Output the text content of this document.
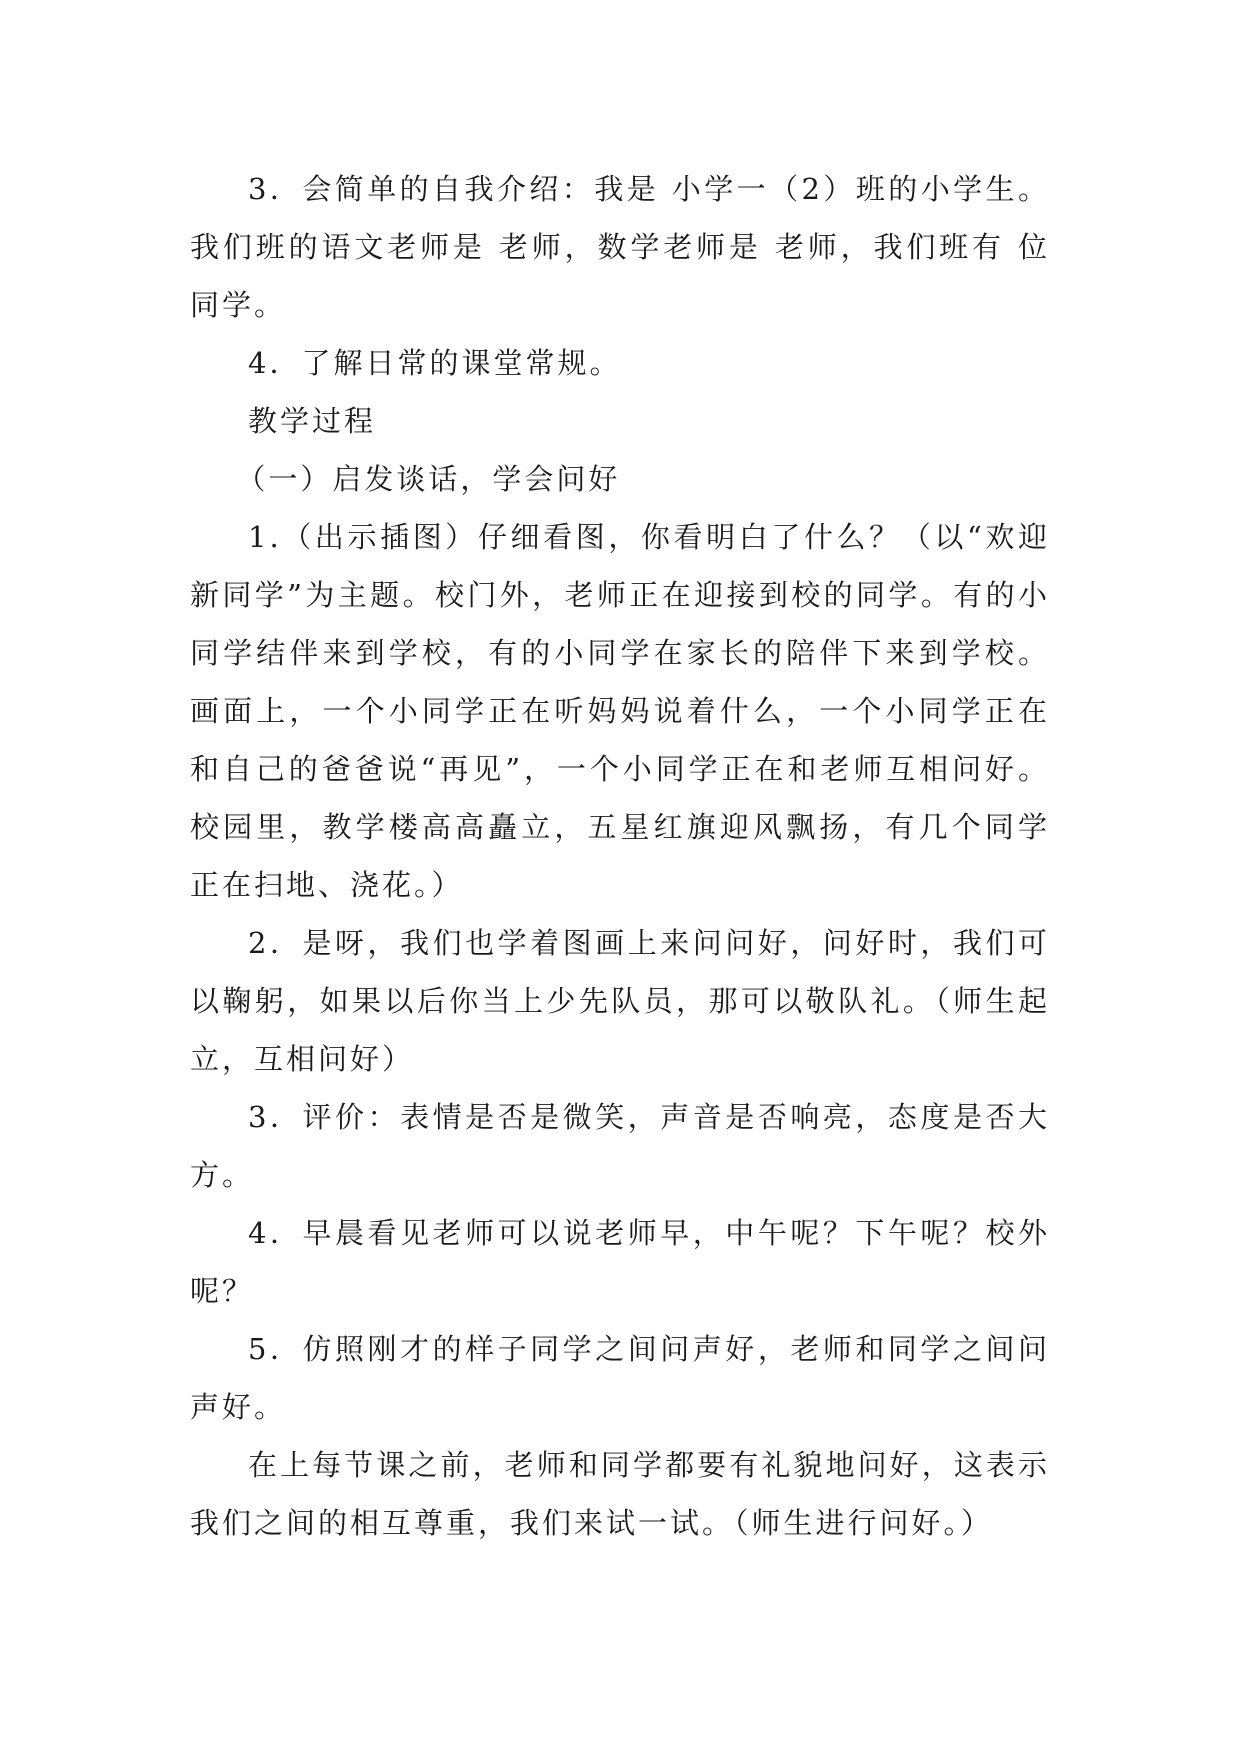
3．会简单的自我介绍：我是 小学一（2）班的小学生。我们班的语文老师是 老师，数学老师是 老师，我们班有 位同学。

4．了解日常的课堂常规。

教学过程

（一）启发谈话，学会问好

1.（出示插图）仔细看图，你看明白了什么？（以“欢迎新同学”为主题。校门外，老师正在迎接到校的同学。有的小同学结伴来到学校，有的小同学在家长的陪伴下来到学校。画面上，一个小同学正在听妈妈说着什么，一个小同学正在和自己的爸爸说“再见”，一个小同学正在和老师互相问好。校园里，教学楼高高矗立，五星红旗迎风飘扬，有几个同学正在扫地、浇花。）

2．是呀，我们也学着图画上来问问好，问好时，我们可以鞠躬，如果以后你当上少先队员，那可以敬队礼。（师生起立，互相问好）

3．评价：表情是否是微笑，声音是否响亮，态度是否大方。

4．早晨看见老师可以说老师早，中午呢？下午呢？校外呢？

5．仿照刚才的样子同学之间问声好，老师和同学之间问声好。

在上每节课之前，老师和同学都要有礼貌地问好，这表示我们之间的相互尊重，我们来试一试。（师生进行问好。）
